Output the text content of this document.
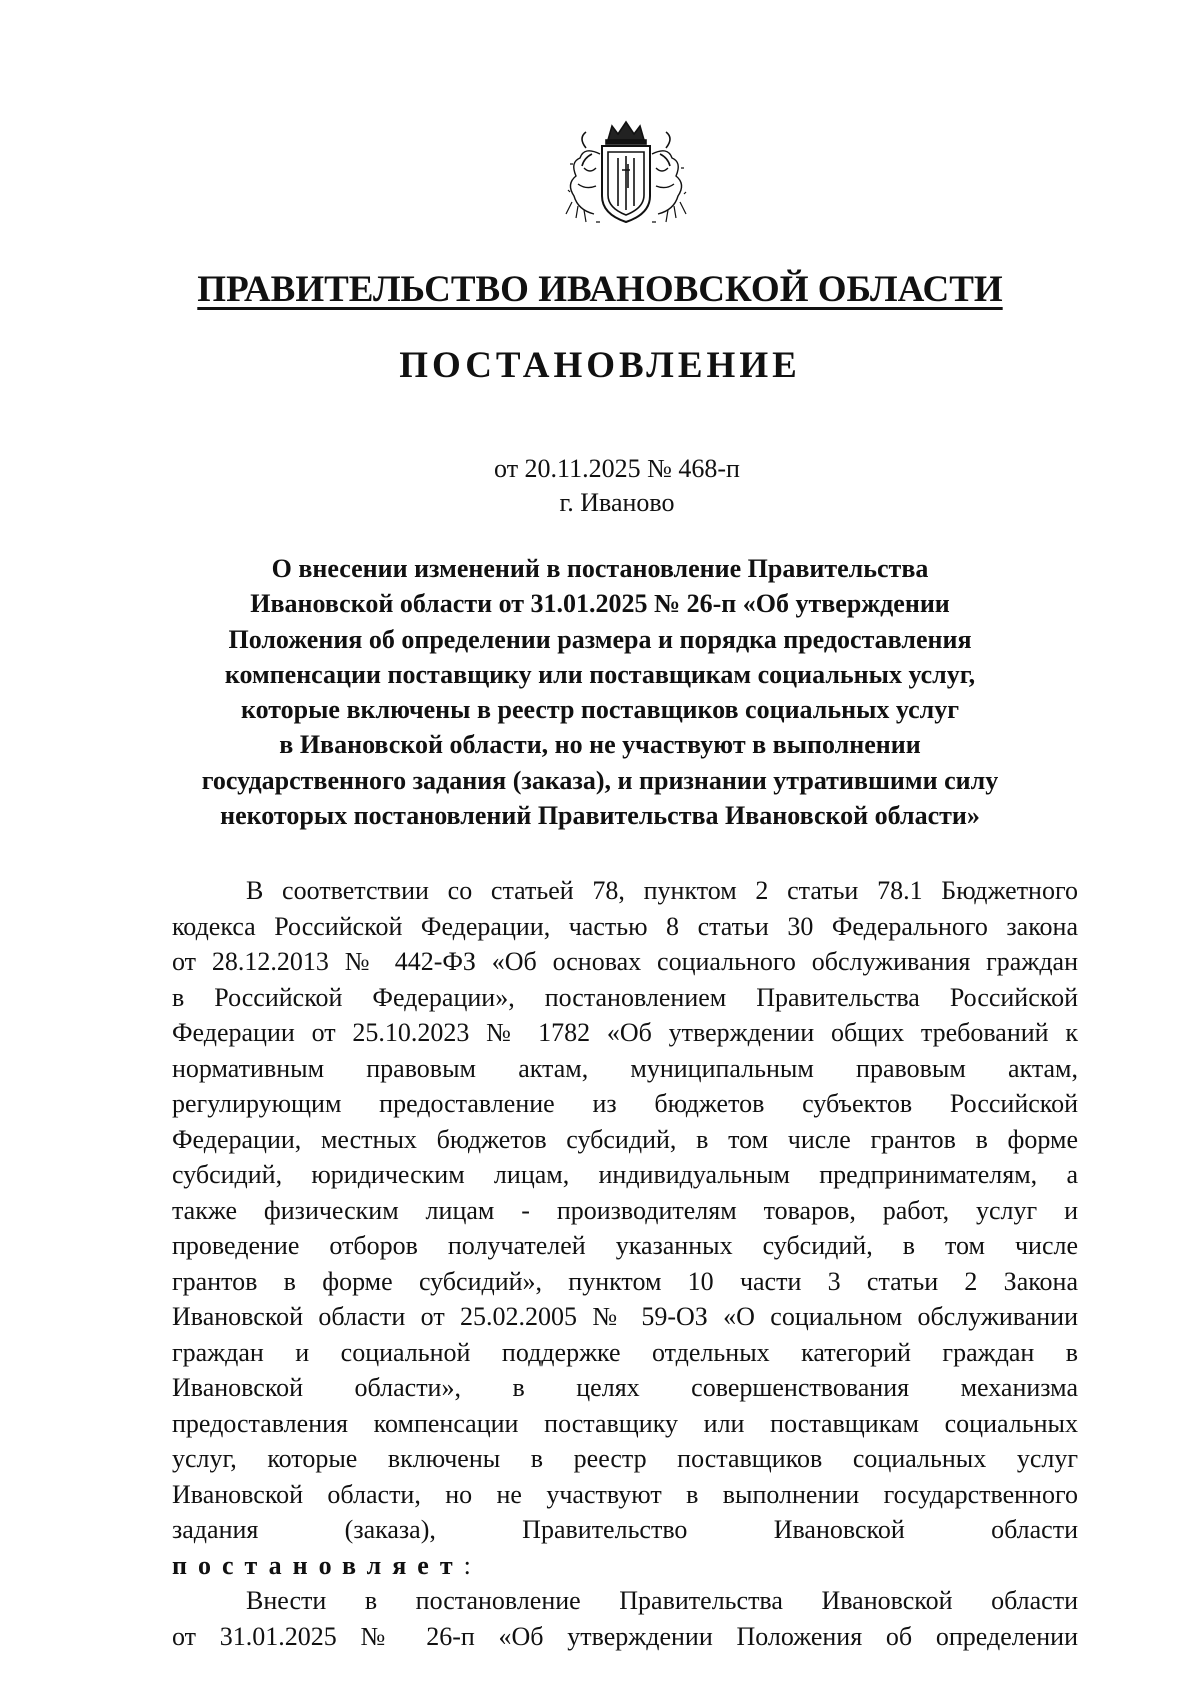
ПРАВИТЕЛЬСТВО ИВАНОВСКОЙ ОБЛАСТИ
ПОСТАНОВЛЕНИЕ
от 20.11.2025 № 468-п
г. Иваново
О внесении изменений в постановление Правительства
Ивановской области от 31.01.2025 № 26-п «Об утверждении
Положения об определении размера и порядка предоставления
компенсации поставщику или поставщикам социальных услуг,
которые включены в реестр поставщиков социальных услуг
в Ивановской области, но не участвуют в выполнении
государственного задания (заказа), и признании утратившими силу
некоторых постановлений Правительства Ивановской области»
В соответствии со статьей 78, пунктом 2 статьи 78.1 Бюджетного
кодекса Российской Федерации, частью 8 статьи 30 Федерального закона
от 28.12.2013 № 442-ФЗ «Об основах социального обслуживания граждан
в Российской Федерации», постановлением Правительства Российской
Федерации от 25.10.2023 № 1782 «Об утверждении общих требований к
нормативным правовым актам, муниципальным правовым актам,
регулирующим предоставление из бюджетов субъектов Российской
Федерации, местных бюджетов субсидий, в том числе грантов в форме
субсидий, юридическим лицам, индивидуальным предпринимателям, а
также физическим лицам - производителям товаров, работ, услуг и
проведение отборов получателей указанных субсидий, в том числе
грантов в форме субсидий», пунктом 10 части 3 статьи 2 Закона
Ивановской области от 25.02.2005 № 59-ОЗ «О социальном обслуживании
граждан и социальной поддержке отдельных категорий граждан в
Ивановской области», в целях совершенствования механизма
предоставления компенсации поставщику или поставщикам социальных
услуг, которые включены в реестр поставщиков социальных услуг
Ивановской области, но не участвуют в выполнении государственного
задания (заказа), Правительство Ивановской области
постановляет:
Внести в постановление Правительства Ивановской области
от 31.01.2025 № 26-п «Об утверждении Положения об определении
